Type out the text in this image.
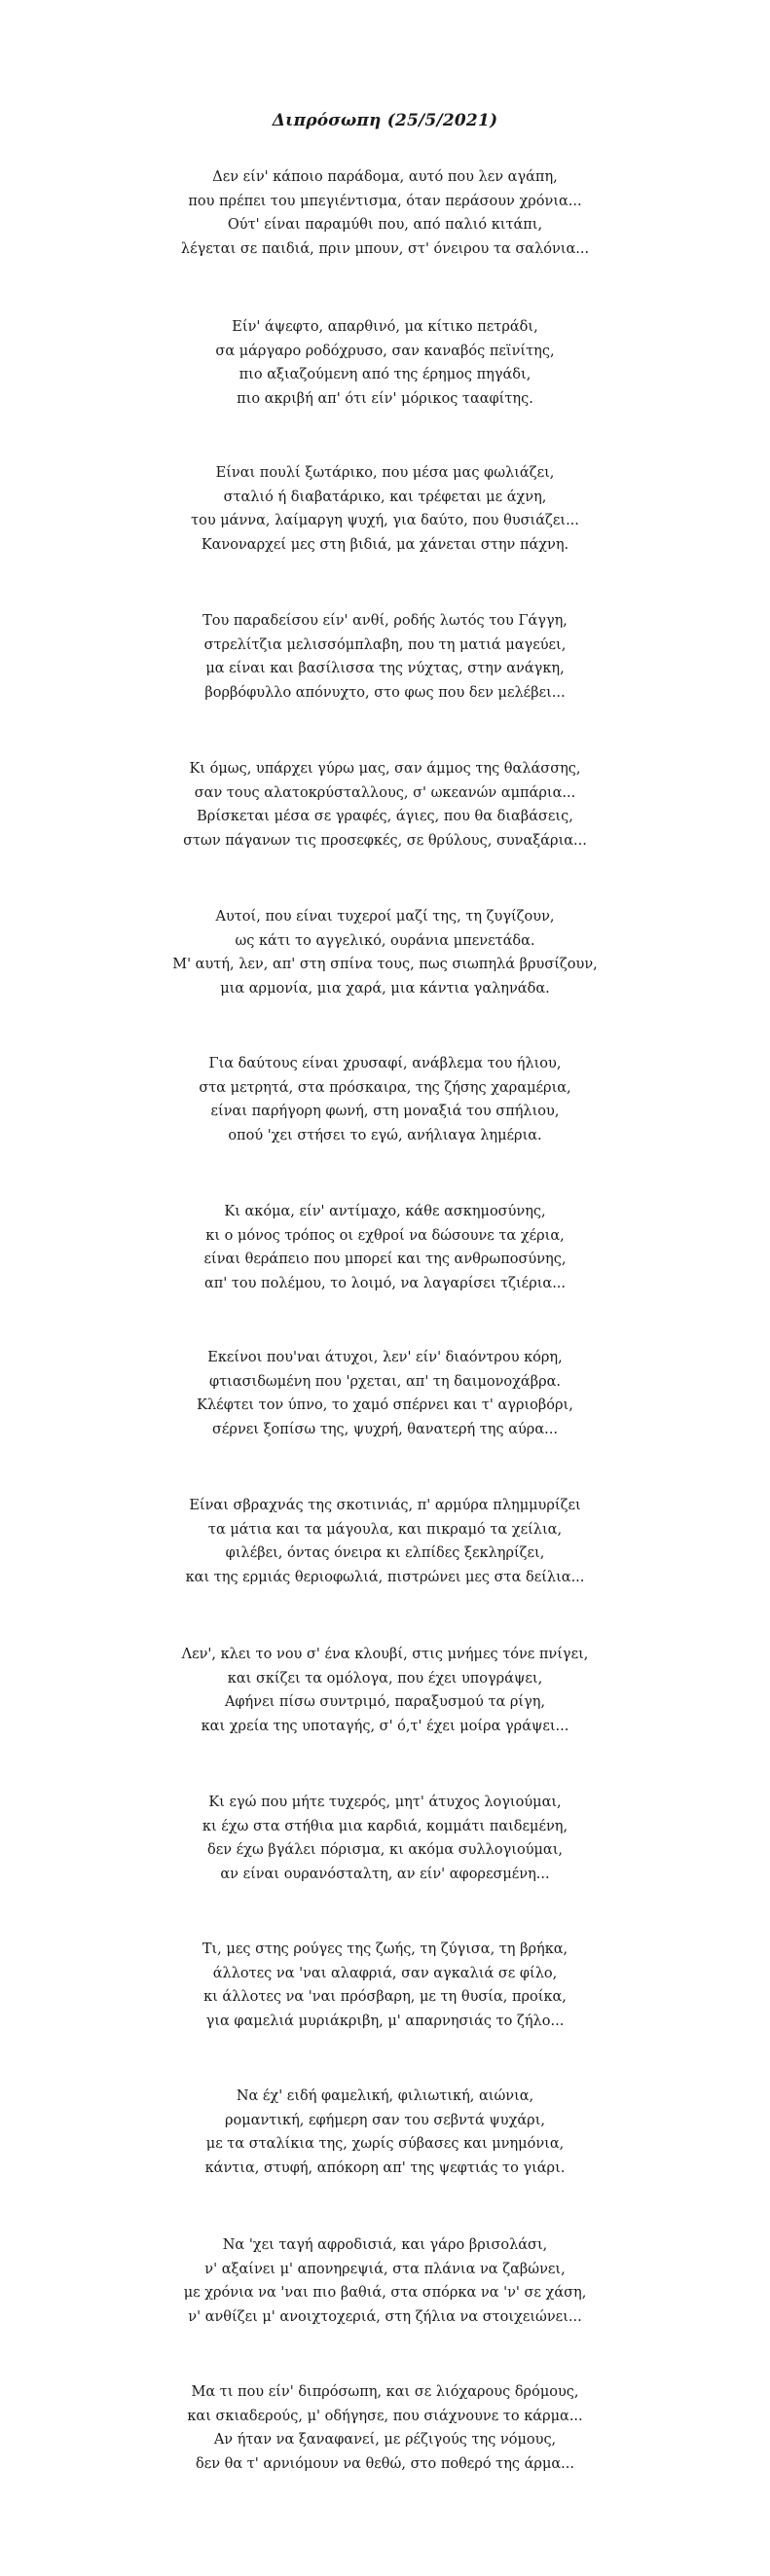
Διπρόσωπη (25/5/2021)
Δεν είν' κάποιο παράδομα, αυτό που λεν αγάπη,
που πρέπει του μπεγιέντισμα, όταν περάσουν χρόνια...
Ούτ' είναι παραμύθι που, από παλιό κιτάπι,
λέγεται σε παιδιά, πριν μπουν, στ' όνειρου τα σαλόνια...
Είν' άψεφτο, απαρθινό, μα κίτικο πετράδι,
σα μάργαρο ροδόχρυσο, σαν καναβός πεϊνίτης,
πιο αξιαζούμενη από της έρημος πηγάδι,
πιο ακριβή απ' ότι είν' μόρικος τααφίτης.
Είναι πουλί ξωτάρικο, που μέσα μας φωλιάζει,
σταλιό ή διαβατάρικο, και τρέφεται με άχνη,
του μάννα, λαίμαργη ψυχή, για δαύτο, που θυσιάζει...
Κανοναρχεί μες στη βιδιά, μα χάνεται στην πάχνη.
Του παραδείσου είν' ανθί, ροδής λωτός του Γάγγη,
στρελίτζια μελισσόμπλαβη, που τη ματιά μαγεύει,
μα είναι και βασίλισσα της νύχτας, στην ανάγκη,
βορβόφυλλο απόνυχτο, στο φως που δεν μελέβει...
Κι όμως, υπάρχει γύρω μας, σαν άμμος της θαλάσσης,
σαν τους αλατοκρύσταλλους, σ' ωκεανών αμπάρια...
Βρίσκεται μέσα σε γραφές, άγιες, που θα διαβάσεις,
στων πάγανων τις προσεφκές, σε θρύλους, συναξάρια...
Αυτοί, που είναι τυχεροί μαζί της, τη ζυγίζουν,
ως κάτι το αγγελικό, ουράνια μπενετάδα.
Μ' αυτή, λεν, απ' στη σπίνα τους, πως σιωπηλά βρυσίζουν,
μια αρμονία, μια χαρά, μια κάντια γαληνάδα.
Για δαύτους είναι χρυσαφί, ανάβλεμα του ήλιου,
στα μετρητά, στα πρόσκαιρα, της ζήσης χαραμέρια,
είναι παρήγορη φωνή, στη μοναξιά του σπήλιου,
οπού 'χει στήσει το εγώ, ανήλιαγα λημέρια.
Κι ακόμα, είν' αντίμαχο, κάθε ασκημοσύνης,
κι ο μόνος τρόπος οι εχθροί να δώσουνε τα χέρια,
είναι θεράπειο που μπορεί και της ανθρωποσύνης,
απ' του πολέμου, το λοιμό, να λαγαρίσει τζιέρια...
Εκείνοι που'ναι άτυχοι, λεν' είν' διαόντρου κόρη,
φτιασιδωμένη που 'ρχεται, απ' τη δαιμονοχάβρα.
Κλέφτει τον ύπνο, το χαμό σπέρνει και τ' αγριοβόρι,
σέρνει ξοπίσω της, ψυχρή, θανατερή της αύρα...
Είναι σβραχνάς της σκοτινιάς, π' αρμύρα πλημμυρίζει
τα μάτια και τα μάγουλα, και πικραμό τα χείλια,
φιλέβει, όντας όνειρα κι ελπίδες ξεκληρίζει,
και της ερμιάς θεριοφωλιά, πιστρώνει μες στα δείλια...
Λεν', κλει το νου σ' ένα κλουβί, στις μνήμες τόνε πνίγει,
και σκίζει τα ομόλογα, που έχει υπογράψει,
Αφήνει πίσω συντριμό, παραξυσμού τα ρίγη,
και χρεία της υποταγής, σ' ό,τ' έχει μοίρα γράψει...
Κι εγώ που μήτε τυχερός, μητ' άτυχος λογιούμαι,
κι έχω στα στήθια μια καρδιά, κομμάτι παιδεμένη,
δεν έχω βγάλει πόρισμα, κι ακόμα συλλογιούμαι,
αν είναι ουρανόσταλτη, αν είν' αφορεσμένη...
Τι, μες στης ρούγες της ζωής, τη ζύγισα, τη βρήκα,
άλλοτες να 'ναι αλαφριά, σαν αγκαλιά σε φίλο,
κι άλλοτες να 'ναι πρόσβαρη, με τη θυσία, προίκα,
για φαμελιά μυριάκριβη, μ' απαρνησιάς το ζήλο...
Να έχ' ειδή φαμελική, φιλιωτική, αιώνια,
ρομαντική, εφήμερη σαν του σεβντά ψυχάρι,
με τα σταλίκια της, χωρίς σύβασες και μνημόνια,
κάντια, στυφή, απόκορη απ' της ψεφτιάς το γιάρι.
Να 'χει ταγή αφροδισιά, και γάρο βρισολάσι,
ν' αξαίνει μ' απονηρεψιά, στα πλάνια να ζαβώνει,
με χρόνια να 'ναι πιο βαθιά, στα σπόρκα να 'ν' σε χάση,
ν' ανθίζει μ' ανοιχτοχεριά, στη ζήλια να στοιχειώνει...
Μα τι που είν' διπρόσωπη, και σε λιόχαρους δρόμους,
και σκιαδερούς, μ' οδήγησε, που σιάχνουνε το κάρμα...
Αν ήταν να ξαναφανεί, με ρέζιγούς της νόμους,
δεν θα τ' αρνιόμουν να θεθώ, στο ποθερό της άρμα...
